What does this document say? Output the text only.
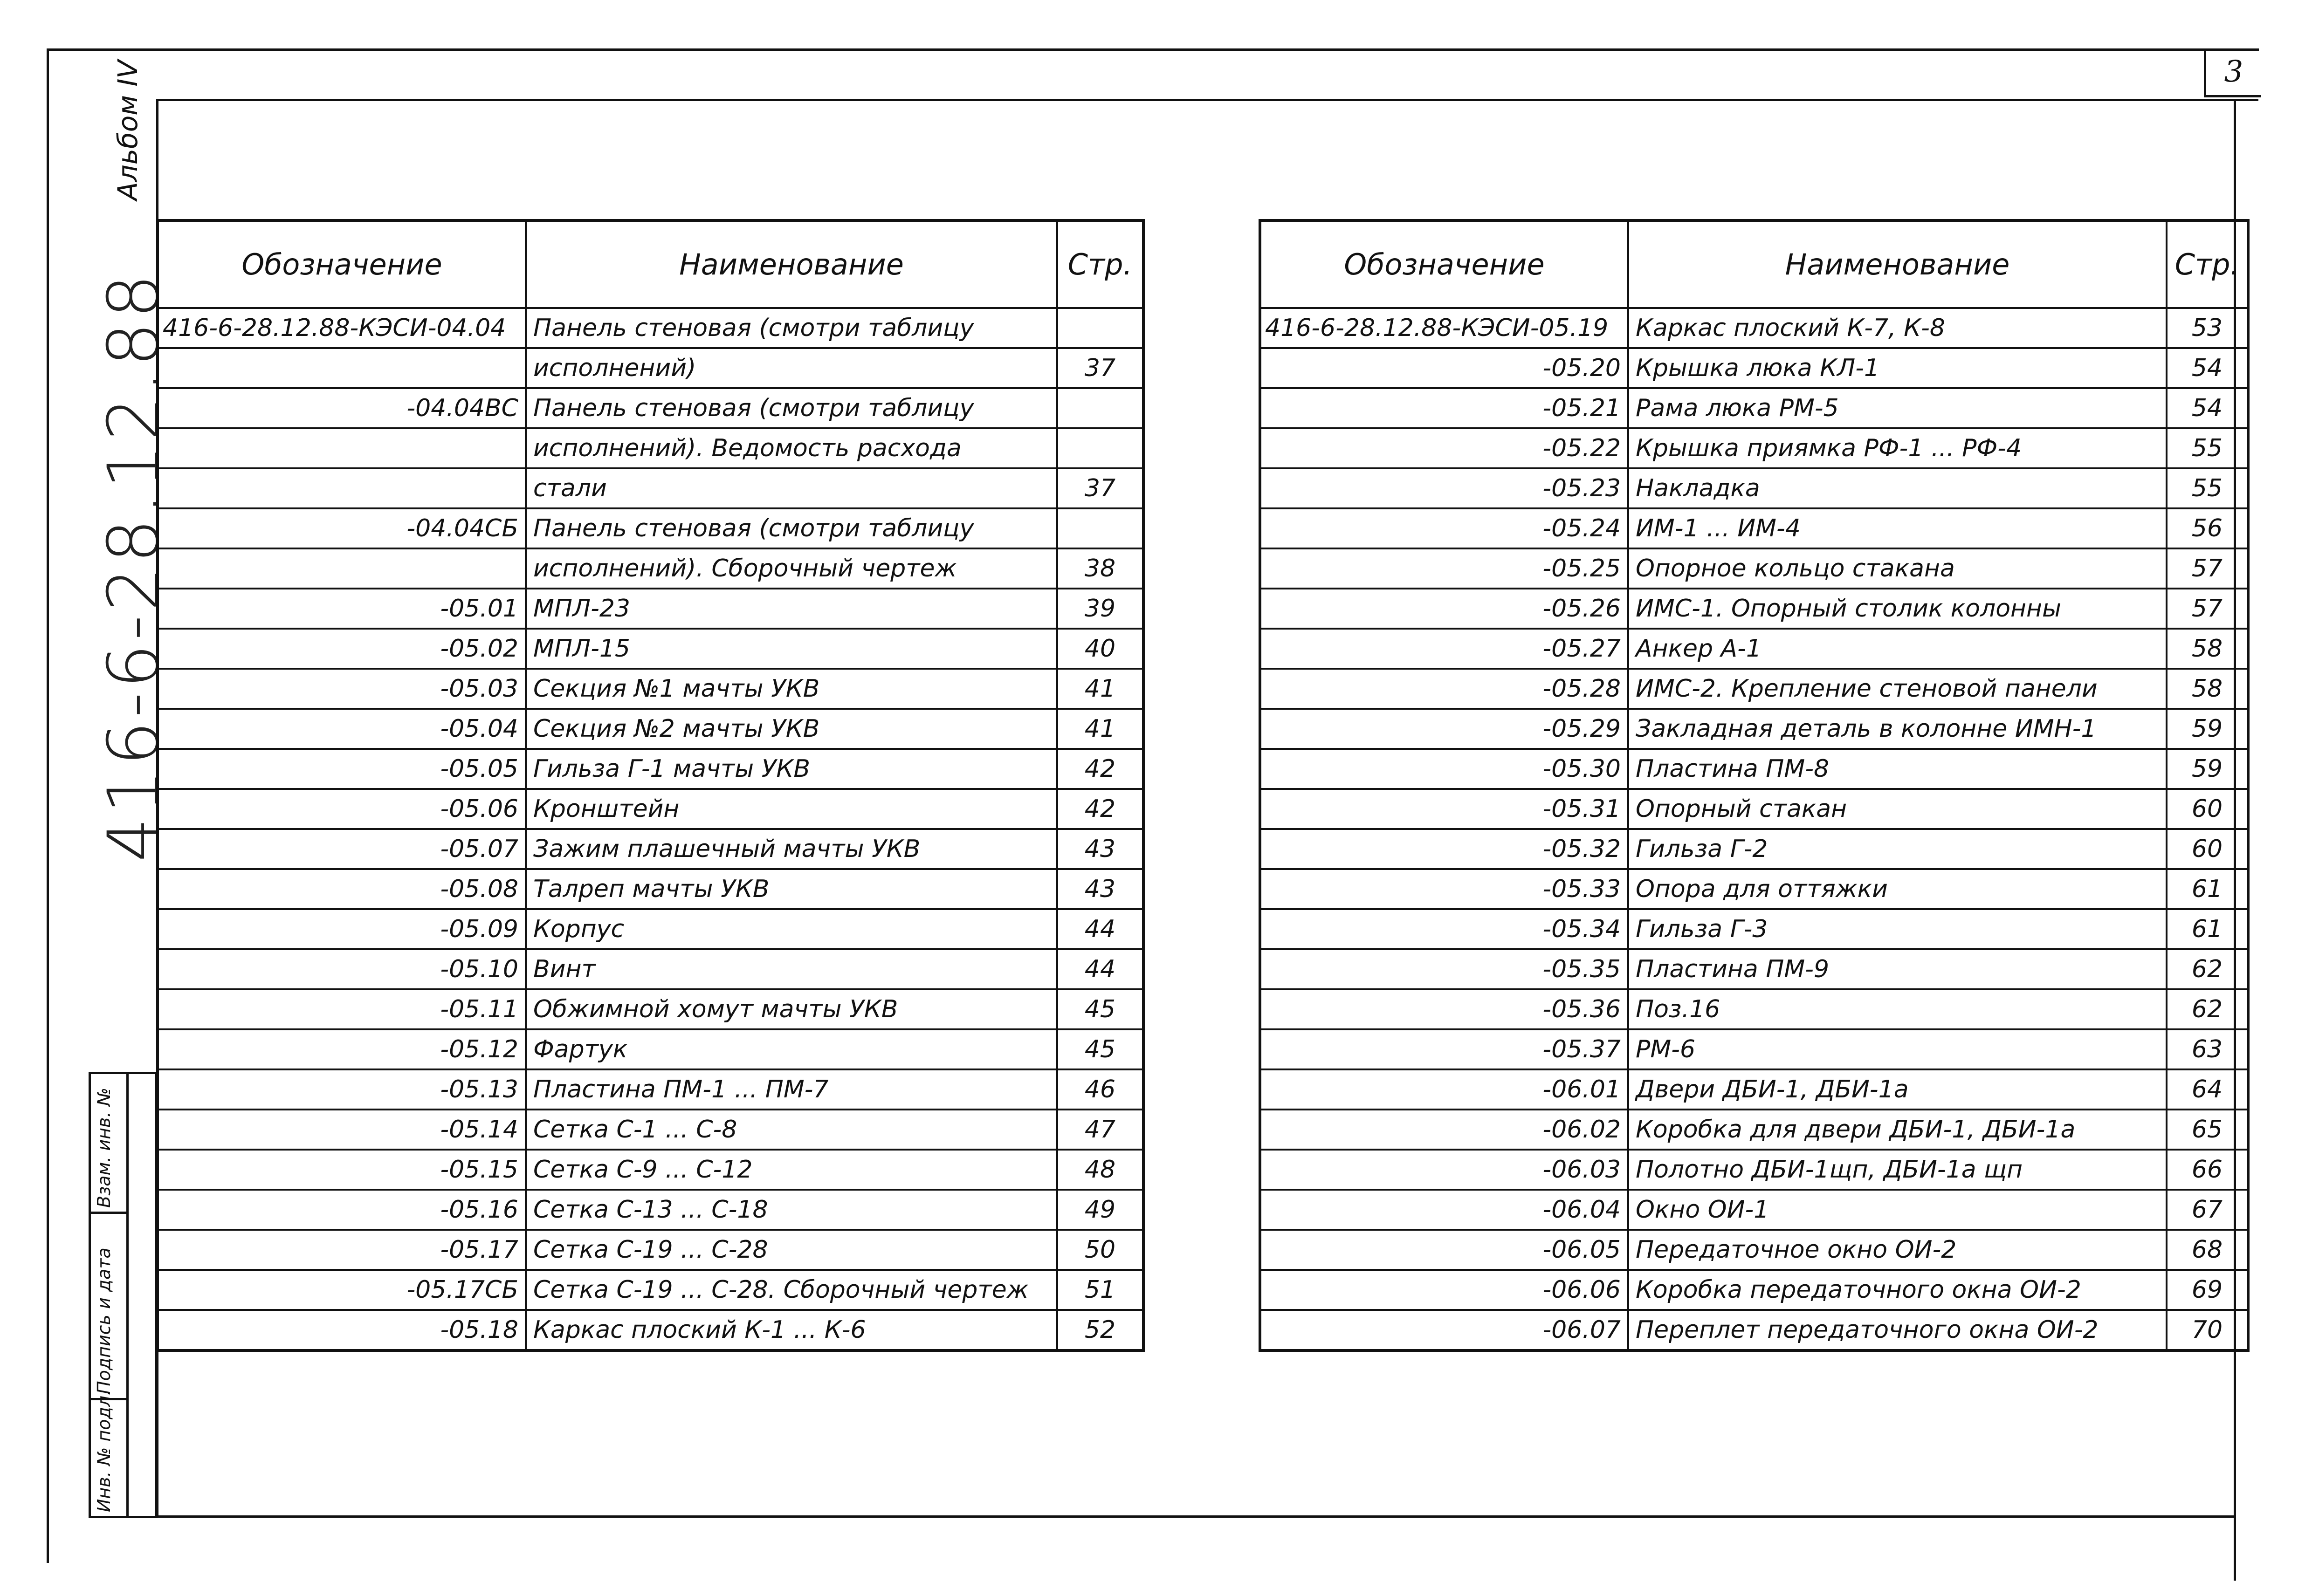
3
Альбом IV
416-6-28.12.88
Взам. инв. №
Подпись и дата
Инв. № подл.
Обозначение	Наименование	Стр.
416-6-28.12.88-КЭСИ-04.04	Панель стеновая (смотри таблицу	
	исполнений)	37
-04.04ВС	Панель стеновая (смотри таблицу	
	исполнений). Ведомость расхода	
	стали	37
-04.04СБ	Панель стеновая (смотри таблицу	
	исполнений). Сборочный чертеж	38
-05.01	МПЛ-23	39
-05.02	МПЛ-15	40
-05.03	Секция №1 мачты УКВ	41
-05.04	Секция №2 мачты УКВ	41
-05.05	Гильза Г-1 мачты УКВ	42
-05.06	Кронштейн	42
-05.07	Зажим плашечный мачты УКВ	43
-05.08	Талреп мачты УКВ	43
-05.09	Корпус	44
-05.10	Винт	44
-05.11	Обжимной хомут мачты УКВ	45
-05.12	Фартук	45
-05.13	Пластина ПМ-1 ... ПМ-7	46
-05.14	Сетка С-1 ... С-8	47
-05.15	Сетка С-9 ... С-12	48
-05.16	Сетка С-13 ... С-18	49
-05.17	Сетка С-19 ... С-28	50
-05.17СБ	Сетка С-19 ... С-28. Сборочный чертеж	51
-05.18	Каркас плоский К-1 ... К-6	52
Обозначение	Наименование	Стр.
416-6-28.12.88-КЭСИ-05.19	Каркас плоский К-7, К-8	53
-05.20	Крышка люка КЛ-1	54
-05.21	Рама люка РМ-5	54
-05.22	Крышка приямка РФ-1 ... РФ-4	55
-05.23	Накладка	55
-05.24	ИМ-1 ... ИМ-4	56
-05.25	Опорное кольцо стакана	57
-05.26	ИМС-1. Опорный столик колонны	57
-05.27	Анкер А-1	58
-05.28	ИМС-2. Крепление стеновой панели	58
-05.29	Закладная деталь в колонне ИМН-1	59
-05.30	Пластина ПМ-8	59
-05.31	Опорный стакан	60
-05.32	Гильза Г-2	60
-05.33	Опора для оттяжки	61
-05.34	Гильза Г-3	61
-05.35	Пластина ПМ-9	62
-05.36	Поз.16	62
-05.37	РМ-6	63
-06.01	Двери ДБИ-1, ДБИ-1а	64
-06.02	Коробка для двери ДБИ-1, ДБИ-1а	65
-06.03	Полотно ДБИ-1щп, ДБИ-1а щп	66
-06.04	Окно ОИ-1	67
-06.05	Передаточное окно ОИ-2	68
-06.06	Коробка передаточного окна ОИ-2	69
-06.07	Переплет передаточного окна ОИ-2	70
